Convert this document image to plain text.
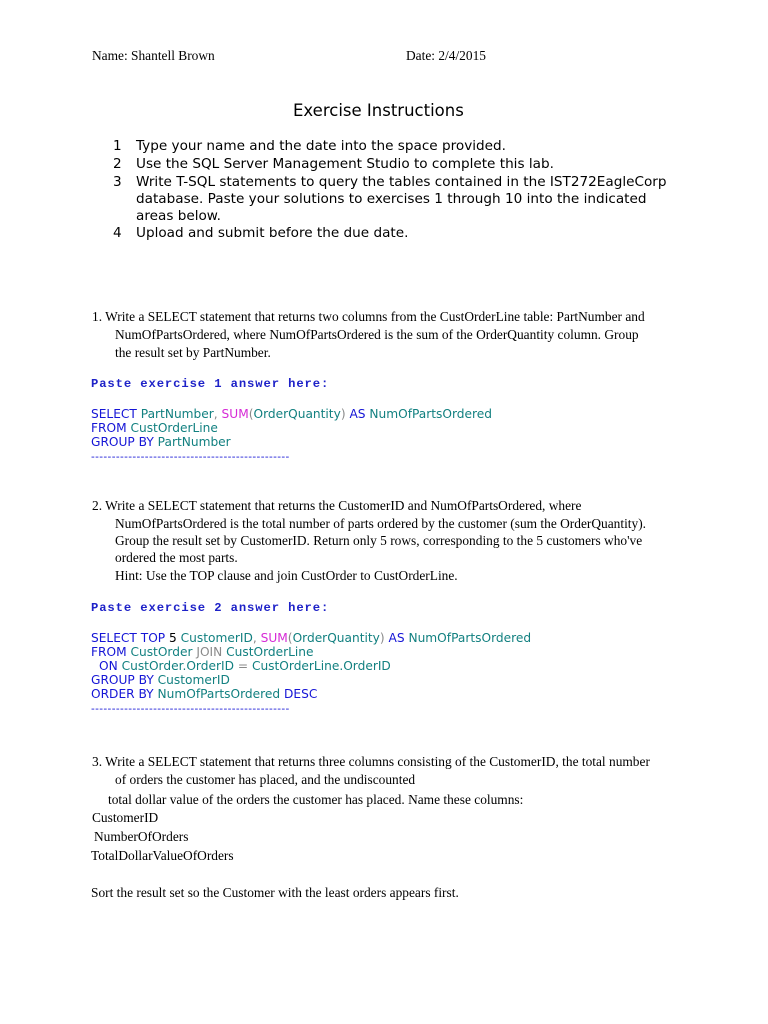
Name: Shantell Brown	Date: 2/4/2015
Exercise Instructions
1 Type your name and the date into the space provided.
2 Use the SQL Server Management Studio to complete this lab.
3 Write T-SQL statements to query the tables contained in the IST272EagleCorp database. Paste your solutions to exercises 1 through 10 into the indicated areas below.
4 Upload and submit before the due date.
1. Write a SELECT statement that returns two columns from the CustOrderLine table: PartNumber and
NumOfPartsOrdered, where NumOfPartsOrdered is the sum of the OrderQuantity column. Group
the result set by PartNumber.
Paste exercise 1 answer here:
SELECT PartNumber, SUM(OrderQuantity) AS NumOfPartsOrdered
FROM CustOrderLine
GROUP BY PartNumber
------------------------------------------------
2. Write a SELECT statement that returns the CustomerID and NumOfPartsOrdered, where
NumOfPartsOrdered is the total number of parts ordered by the customer (sum the OrderQuantity).
Group the result set by CustomerID. Return only 5 rows, corresponding to the 5 customers who've
ordered the most parts.
Hint: Use the TOP clause and join CustOrder to CustOrderLine.
Paste exercise 2 answer here:
SELECT TOP 5 CustomerID, SUM(OrderQuantity) AS NumOfPartsOrdered
FROM CustOrder JOIN CustOrderLine
ON CustOrder.OrderID = CustOrderLine.OrderID
GROUP BY CustomerID
ORDER BY NumOfPartsOrdered DESC
------------------------------------------------
3. Write a SELECT statement that returns three columns consisting of the CustomerID, the total number
of orders the customer has placed, and the undiscounted
total dollar value of the orders the customer has placed. Name these columns:
CustomerID
NumberOfOrders
TotalDollarValueOfOrders
Sort the result set so the Customer with the least orders appears first.
